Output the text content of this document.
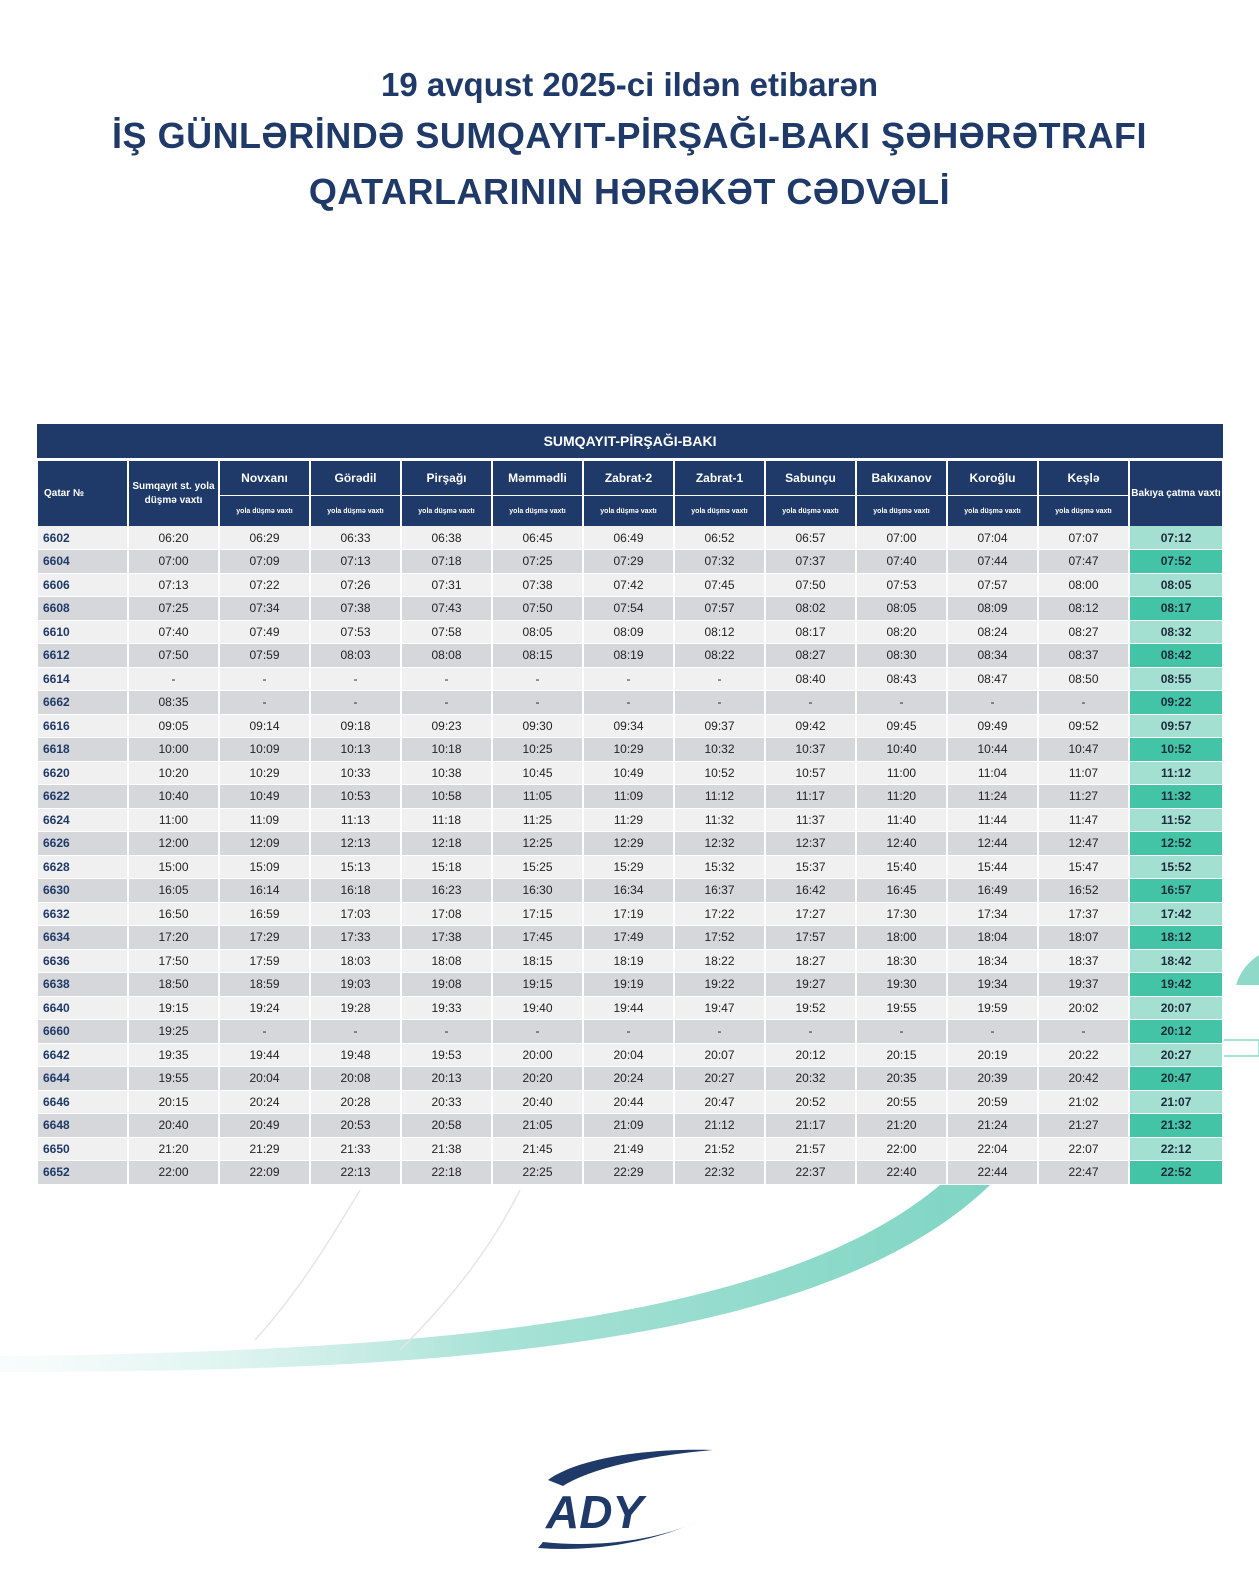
19 avqust 2025-ci ildən etibarən
İŞ GÜNLƏRİNDƏ SUMQAYIT-PİRŞAĞI-BAKI ŞƏHƏRƏTRAFI
QATARLARININ HƏRƏKƏT CƏDVƏLİ
SUMQAYIT-PİRŞAĞI-BAKI												
Qatar №	Sumqayıt st. yola düşmə vaxtı	Novxanı	Görədil	Pirşağı	Məmmədli	Zabrat-2	Zabrat-1	Sabunçu	Bakıxanov	Koroğlu	Keşlə	Bakıya çatma vaxtı
		yola düşmə vaxtı	yola düşmə vaxtı	yola düşmə vaxtı	yola düşmə vaxtı	yola düşmə vaxtı	yola düşmə vaxtı	yola düşmə vaxtı	yola düşmə vaxtı	yola düşmə vaxtı	yola düşmə vaxtı	
6602	06:20	06:29	06:33	06:38	06:45	06:49	06:52	06:57	07:00	07:04	07:07	07:12
6604	07:00	07:09	07:13	07:18	07:25	07:29	07:32	07:37	07:40	07:44	07:47	07:52
6606	07:13	07:22	07:26	07:31	07:38	07:42	07:45	07:50	07:53	07:57	08:00	08:05
6608	07:25	07:34	07:38	07:43	07:50	07:54	07:57	08:02	08:05	08:09	08:12	08:17
6610	07:40	07:49	07:53	07:58	08:05	08:09	08:12	08:17	08:20	08:24	08:27	08:32
6612	07:50	07:59	08:03	08:08	08:15	08:19	08:22	08:27	08:30	08:34	08:37	08:42
6614	-	-	-	-	-	-	-	08:40	08:43	08:47	08:50	08:55
6662	08:35	-	-	-	-	-	-	-	-	-	-	09:22
6616	09:05	09:14	09:18	09:23	09:30	09:34	09:37	09:42	09:45	09:49	09:52	09:57
6618	10:00	10:09	10:13	10:18	10:25	10:29	10:32	10:37	10:40	10:44	10:47	10:52
6620	10:20	10:29	10:33	10:38	10:45	10:49	10:52	10:57	11:00	11:04	11:07	11:12
6622	10:40	10:49	10:53	10:58	11:05	11:09	11:12	11:17	11:20	11:24	11:27	11:32
6624	11:00	11:09	11:13	11:18	11:25	11:29	11:32	11:37	11:40	11:44	11:47	11:52
6626	12:00	12:09	12:13	12:18	12:25	12:29	12:32	12:37	12:40	12:44	12:47	12:52
6628	15:00	15:09	15:13	15:18	15:25	15:29	15:32	15:37	15:40	15:44	15:47	15:52
6630	16:05	16:14	16:18	16:23	16:30	16:34	16:37	16:42	16:45	16:49	16:52	16:57
6632	16:50	16:59	17:03	17:08	17:15	17:19	17:22	17:27	17:30	17:34	17:37	17:42
6634	17:20	17:29	17:33	17:38	17:45	17:49	17:52	17:57	18:00	18:04	18:07	18:12
6636	17:50	17:59	18:03	18:08	18:15	18:19	18:22	18:27	18:30	18:34	18:37	18:42
6638	18:50	18:59	19:03	19:08	19:15	19:19	19:22	19:27	19:30	19:34	19:37	19:42
6640	19:15	19:24	19:28	19:33	19:40	19:44	19:47	19:52	19:55	19:59	20:02	20:07
6660	19:25	-	-	-	-	-	-	-	-	-	-	20:12
6642	19:35	19:44	19:48	19:53	20:00	20:04	20:07	20:12	20:15	20:19	20:22	20:27
6644	19:55	20:04	20:08	20:13	20:20	20:24	20:27	20:32	20:35	20:39	20:42	20:47
6646	20:15	20:24	20:28	20:33	20:40	20:44	20:47	20:52	20:55	20:59	21:02	21:07
6648	20:40	20:49	20:53	20:58	21:05	21:09	21:12	21:17	21:20	21:24	21:27	21:32
6650	21:20	21:29	21:33	21:38	21:45	21:49	21:52	21:57	22:00	22:04	22:07	22:12
6652	22:00	22:09	22:13	22:18	22:25	22:29	22:32	22:37	22:40	22:44	22:47	22:52
ADY
